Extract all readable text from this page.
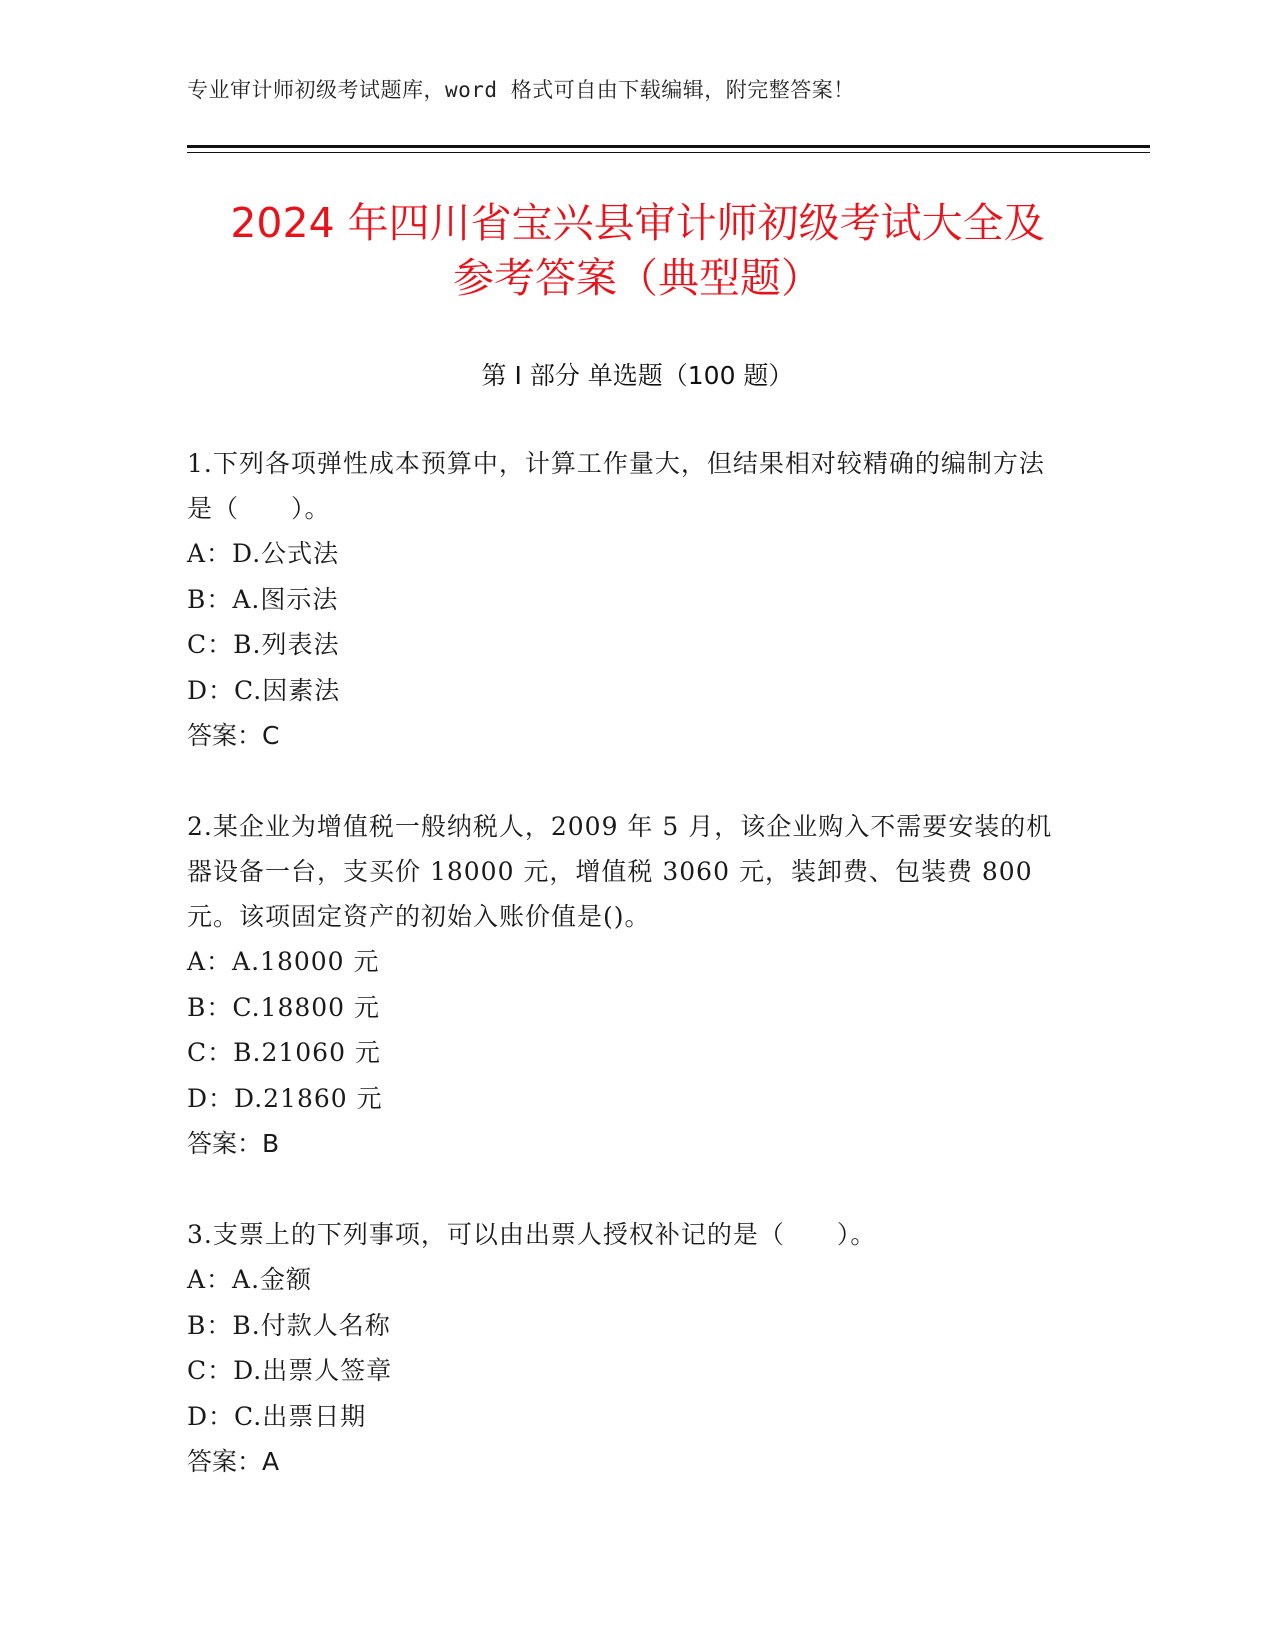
专业审计师初级考试题库，word 格式可自由下载编辑，附完整答案！
2024 年四川省宝兴县审计师初级考试大全及
参考答案（典型题）
第 I 部分 单选题（100 题）
1.下列各项弹性成本预算中，计算工作量大，但结果相对较精确的编制方法是（　　）。
A：D.公式法
B：A.图示法
C：B.列表法
D：C.因素法
答案：C
2.某企业为增值税一般纳税人，2009 年 5 月，该企业购入不需要安装的机器设备一台，支买价 18000 元，增值税 3060 元，装卸费、包装费 800 元。该项固定资产的初始入账价值是()。
A：A.18000 元
B：C.18800 元
C：B.21060 元
D：D.21860 元
答案：B
3.支票上的下列事项，可以由出票人授权补记的是（　　）。
A：A.金额
B：B.付款人名称
C：D.出票人签章
D：C.出票日期
答案：A
